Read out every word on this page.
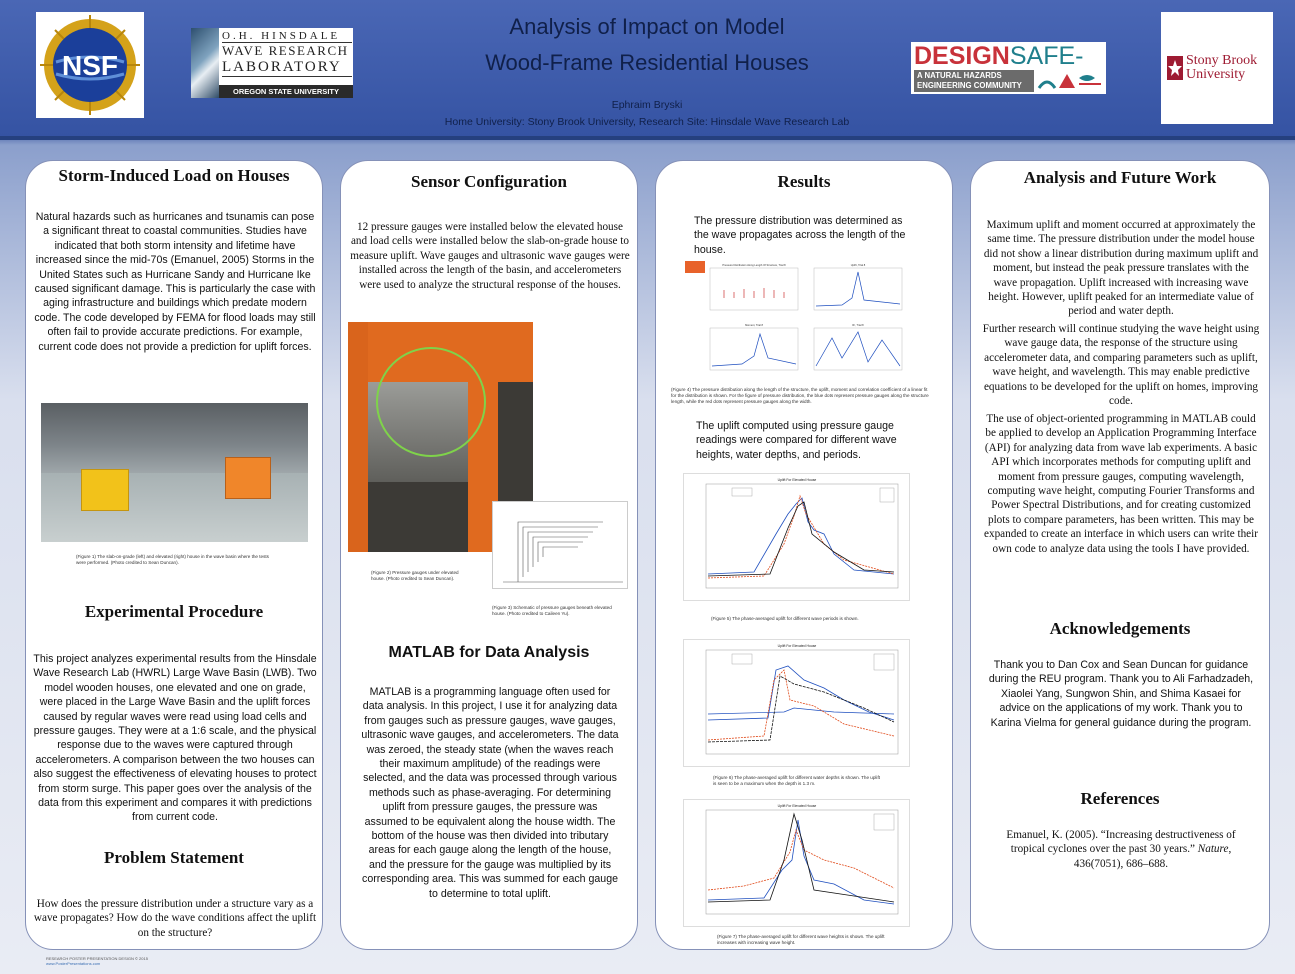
NSF
O.H. HINSDALE
WAVE RESEARCH
LABORATORY
OREGON STATE UNIVERSITY
Analysis of Impact on Model
Wood-Frame Residential Houses
Ephraim Bryski
Home University: Stony Brook University, Research Site: Hinsdale Wave Research Lab
DESIGNSAFE-
A NATURAL HAZARDS
ENGINEERING COMMUNITY
Stony Brook
University
Storm-Induced Load on Houses
Natural hazards such as hurricanes and tsunamis can pose a significant threat to coastal communities. Studies have indicated that both storm intensity and lifetime have increased since the mid-70s (Emanuel, 2005) Storms in the United States such as Hurricane Sandy and Hurricane Ike caused significant damage. This is particularly the case with aging infrastructure and buildings which predate modern code. The code developed by FEMA for flood loads may still often fail to provide accurate predictions. For example, current code does not provide a prediction for uplift forces.
(Figure 1) The slab-on-grade (left) and elevated (right) house in the wave basin where the tests were performed. (Photo credited to Sean Duncan).
Experimental Procedure
This project analyzes experimental results from the Hinsdale Wave Research Lab (HWRL) Large Wave Basin (LWB). Two model wooden houses, one elevated and one on grade, were placed in the Large Wave Basin and the uplift forces caused by regular waves were read using load cells and pressure gauges. They were at a 1:6 scale, and the physical response due to the waves were captured through accelerometers. A comparison between the two houses can also suggest the effectiveness of elevating houses to protect from storm surge. This paper goes over the analysis of the data from this experiment and compares it with predictions from current code.
Problem Statement
How does the pressure distribution under a structure vary as a wave propagates? How do the wave conditions affect the uplift on the structure?
Sensor Configuration
12 pressure gauges were installed below the elevated house and load cells were installed below the slab-on-grade house to measure uplift. Wave gauges and ultrasonic wave gauges were installed across the length of the basin, and accelerometers were used to analyze the structural response of the houses.
(Figure 2) Pressure gauges under elevated house. (Photo credited to Sean Duncan).
(Figure 3) Schematic of pressure gauges beneath elevated house. (Photo credited to Caileen Yu).
MATLAB for Data Analysis
MATLAB is a programming language often used for data analysis. In this project, I use it for analyzing data from gauges such as pressure gauges, wave gauges, ultrasonic wave gauges, and accelerometers. The data was zeroed, the steady state (when the waves reach their maximum amplitude) of the readings were selected, and the data was processed through various methods such as phase-averaging. For determining uplift from pressure gauges, the pressure was assumed to be equivalent along the house width. The bottom of the house was then divided into tributary areas for each gauge along the length of the house, and the pressure for the gauge was multiplied by its corresponding area. This was summed for each gauge to determine to total uplift.
Results
The pressure distribution was determined as the wave propagates across the length of the house.
Pressure Distribution Along Length Of Structure, Trial 8	Uplift, Trial 8
Moment, Trial 8	R², Trial 8
(Figure 4) The pressure distribution along the length of the structure, the uplift, moment and correlation coefficient of a linear fit for the distribution is shown. For the figure of pressure distribution, the blue dots represent pressure gauges along the structure length, while the red dots represent pressure gauges along the width.
The uplift computed using pressure gauge readings were compared for different wave heights, water depths, and periods.
Uplift For Elevated House
(Figure 5) The phase-averaged uplift for different wave periods is shown.
Uplift For Elevated House
(Figure 6) The phase-averaged uplift for different water depths is shown. The uplift is seen to be a maximum when the depth is 1.3 m.
Uplift For Elevated House
(Figure 7) The phase-averaged uplift for different wave heights is shown. The uplift increases with increasing wave height.
Analysis and Future Work
Maximum uplift and moment occurred at approximately the same time. The pressure distribution under the model house did not show a linear distribution during maximum uplift and moment, but instead the peak pressure translates with the wave propagation. Uplift increased with increasing wave height. However, uplift peaked for an intermediate value of period and water depth.
Further research will continue studying the wave height using wave gauge data, the response of the structure using accelerometer data, and comparing parameters such as uplift, wave height, and wavelength. This may enable predictive equations to be developed for the uplift on homes, improving code.
The use of object-oriented programming in MATLAB could be applied to develop an Application Programming Interface (API) for analyzing data from wave lab experiments. A basic API which incorporates methods for computing uplift and moment from pressure gauges, computing wavelength, computing wave height, computing Fourier Transforms and Power Spectral Distributions, and for creating customized plots to compare parameters, has been written. This may be expanded to create an interface in which users can write their own code to analyze data using the tools I have provided.
Acknowledgements
Thank you to Dan Cox and Sean Duncan for guidance during the REU program. Thank you to Ali Farhadzadeh, Xiaolei Yang, Sungwon Shin, and Shima Kasaei for advice on the applications of my work. Thank you to Karina Vielma for general guidance during the program.
References
Emanuel, K. (2005). “Increasing destructiveness of tropical cyclones over the past 30 years.” Nature, 436(7051), 686–688.
RESEARCH POSTER PRESENTATION DESIGN © 2015
www.PosterPresentations.com
